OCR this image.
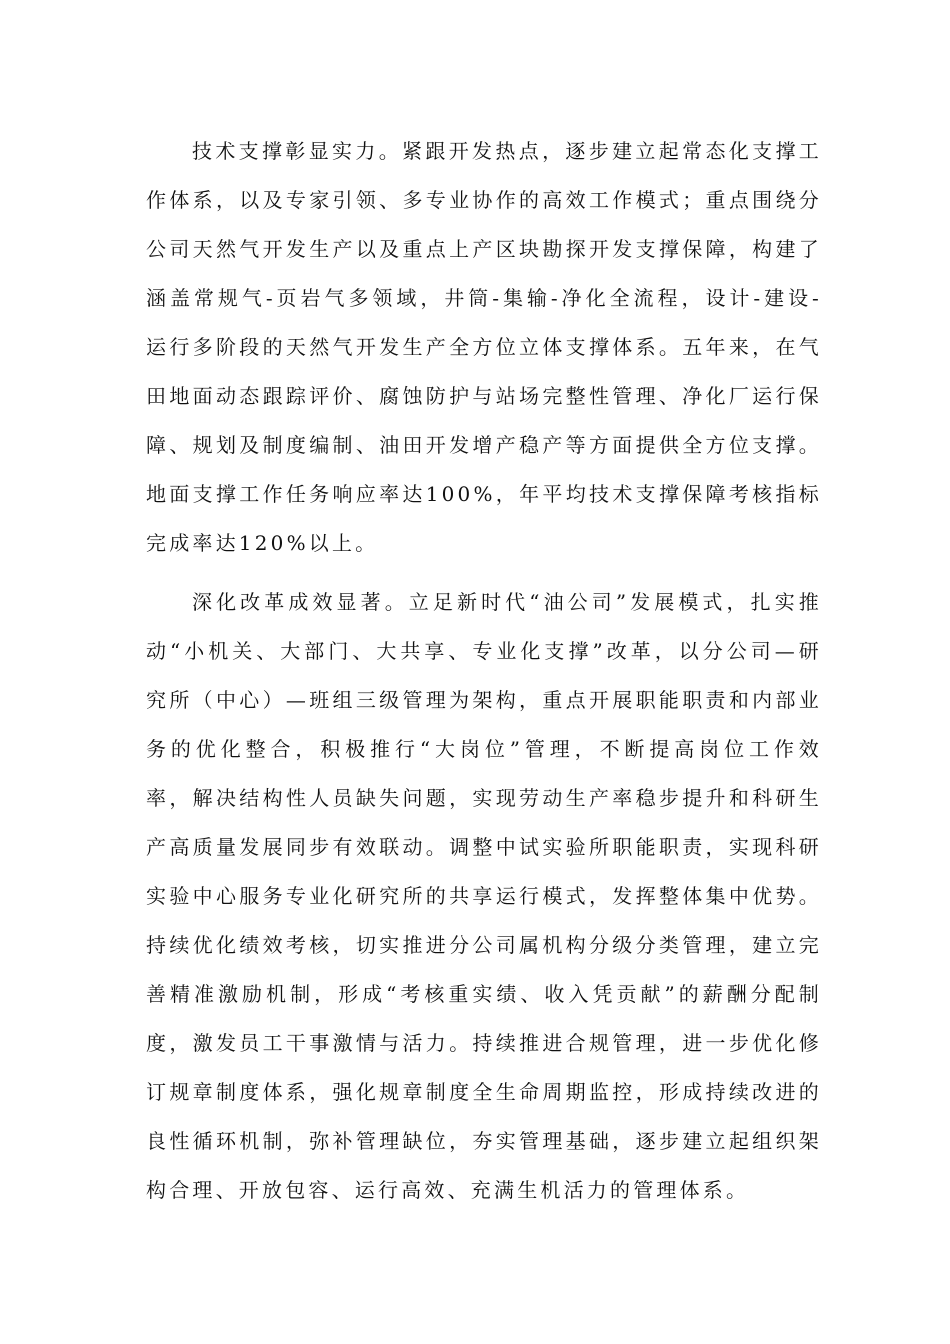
技术支撑彰显实力。紧跟开发热点，逐步建立起常态化支撑工作体系，以及专家引领、多专业协作的高效工作模式；重点围绕分公司天然气开发生产以及重点上产区块勘探开发支撑保障，构建了涵盖常规气-页岩气多领域，井筒-集输-净化全流程，设计-建设-运行多阶段的天然气开发生产全方位立体支撑体系。五年来，在气田地面动态跟踪评价、腐蚀防护与站场完整性管理、净化厂运行保障、规划及制度编制、油田开发增产稳产等方面提供全方位支撑。地面支撑工作任务响应率达100%，年平均技术支撑保障考核指标完成率达120%以上。

深化改革成效显著。立足新时代“油公司”发展模式，扎实推动“小机关、大部门、大共享、专业化支撑”改革，以分公司—研究所（中心）—班组三级管理为架构，重点开展职能职责和内部业务的优化整合，积极推行“大岗位”管理，不断提高岗位工作效率，解决结构性人员缺失问题，实现劳动生产率稳步提升和科研生产高质量发展同步有效联动。调整中试实验所职能职责，实现科研实验中心服务专业化研究所的共享运行模式，发挥整体集中优势。持续优化绩效考核，切实推进分公司属机构分级分类管理，建立完善精准激励机制，形成“考核重实绩、收入凭贡献”的薪酬分配制度，激发员工干事激情与活力。持续推进合规管理，进一步优化修订规章制度体系，强化规章制度全生命周期监控，形成持续改进的良性循环机制，弥补管理缺位，夯实管理基础，逐步建立起组织架构合理、开放包容、运行高效、充满生机活力的管理体系。
